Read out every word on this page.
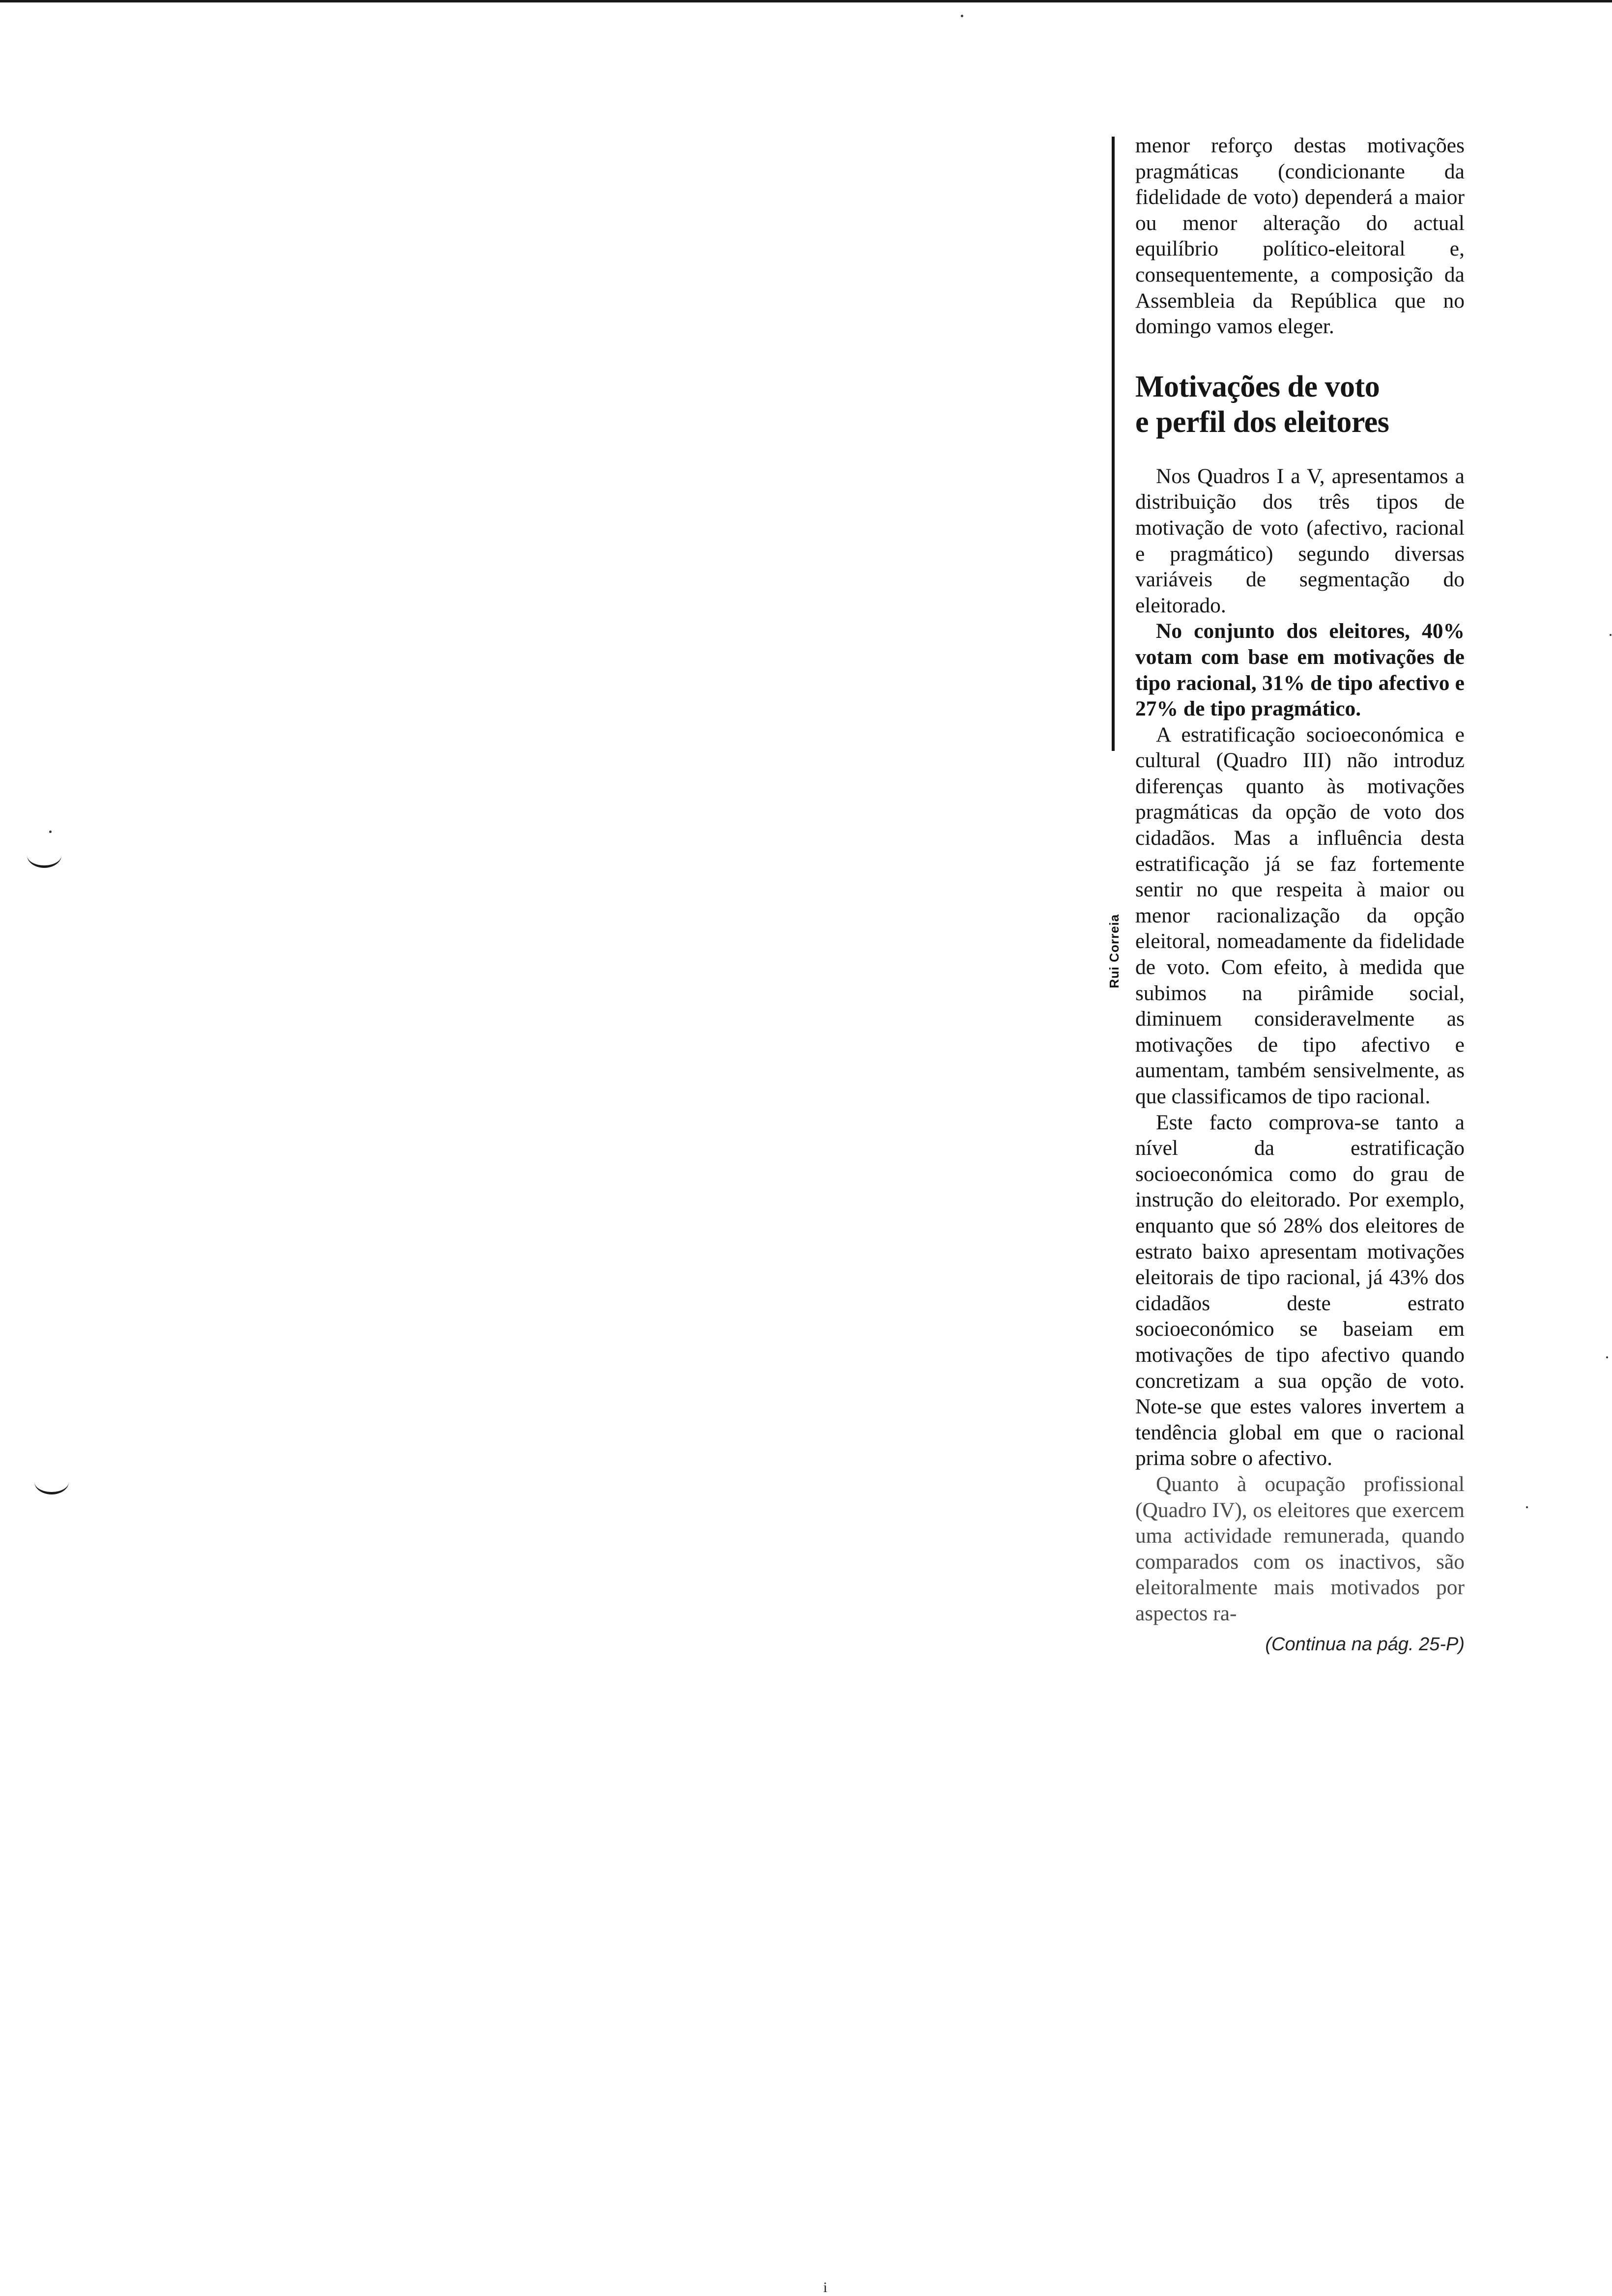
Rui Correia

menor reforço destas motivações pragmáticas (condicionante da fidelidade de voto) dependerá a maior ou menor alteração do actual equilíbrio político-eleitoral e, consequentemente, a composição da Assembleia da República que no domingo vamos eleger.

Motivações de voto
e perfil dos eleitores

Nos Quadros I a V, apresentamos a distribuição dos três tipos de motivação de voto (afectivo, racional e pragmático) segundo diversas variáveis de segmentação do eleitorado.

No conjunto dos eleitores, 40% votam com base em motivações de tipo racional, 31% de tipo afectivo e 27% de tipo pragmático.

A estratificação socioeconómica e cultural (Quadro III) não introduz diferenças quanto às motivações pragmáticas da opção de voto dos cidadãos. Mas a influência desta estratificação já se faz fortemente sentir no que respeita à maior ou menor racionalização da opção eleitoral, nomeadamente da fidelidade de voto. Com efeito, à medida que subimos na pirâmide social, diminuem consideravelmente as motivações de tipo afectivo e aumentam, também sensivelmente, as que classificamos de tipo racional.

Este facto comprova-se tanto a nível da estratificação socioeconómica como do grau de instrução do eleitorado. Por exemplo, enquanto que só 28% dos eleitores de estrato baixo apresentam motivações eleitorais de tipo racional, já 43% dos cidadãos deste estrato socioeconómico se baseiam em motivações de tipo afectivo quando concretizam a sua opção de voto. Note-se que estes valores invertem a tendência global em que o racional prima sobre o afectivo.

Quanto à ocupação profissional (Quadro IV), os eleitores que exercem uma actividade remunerada, quando comparados com os inactivos, são eleitoralmente mais motivados por aspectos ra-

(Continua na pág. 25-P)

i
